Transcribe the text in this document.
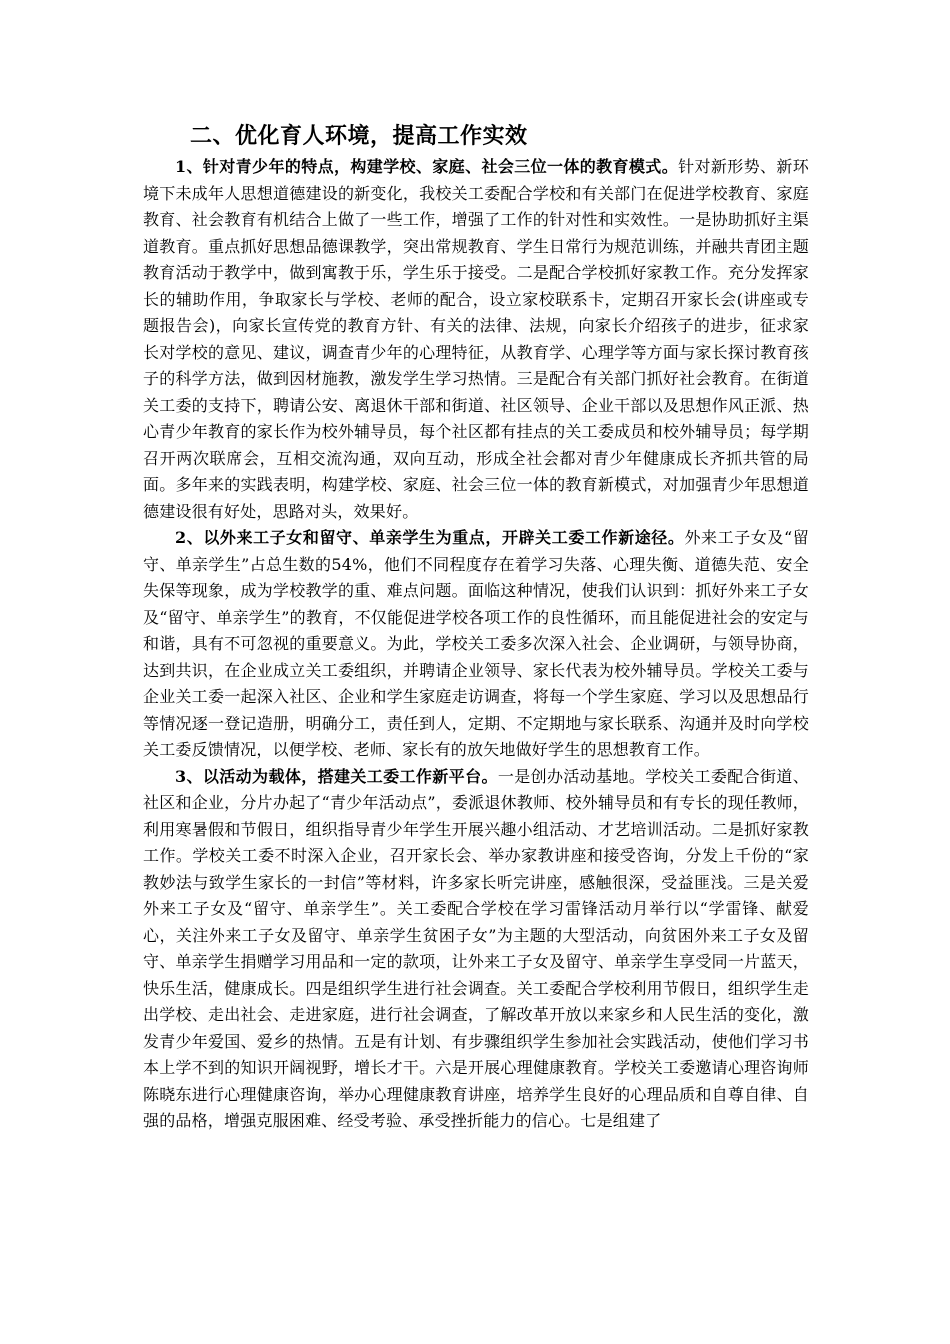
二、优化育人环境，提高工作实效

1、针对青少年的特点，构建学校、家庭、社会三位一体的教育模式。针对新形势、新环境下未成年人思想道德建设的新变化，我校关工委配合学校和有关部门在促进学校教育、家庭教育、社会教育有机结合上做了一些工作，增强了工作的针对性和实效性。一是协助抓好主渠道教育。重点抓好思想品德课教学，突出常规教育、学生日常行为规范训练，并融共青团主题教育活动于教学中，做到寓教于乐，学生乐于接受。二是配合学校抓好家教工作。充分发挥家长的辅助作用，争取家长与学校、老师的配合，设立家校联系卡，定期召开家长会(讲座或专题报告会)，向家长宣传党的教育方针、有关的法律、法规，向家长介绍孩子的进步，征求家长对学校的意见、建议，调查青少年的心理特征，从教育学、心理学等方面与家长探讨教育孩子的科学方法，做到因材施教，激发学生学习热情。三是配合有关部门抓好社会教育。在街道关工委的支持下，聘请公安、离退休干部和街道、社区领导、企业干部以及思想作风正派、热心青少年教育的家长作为校外辅导员，每个社区都有挂点的关工委成员和校外辅导员；每学期召开两次联席会，互相交流沟通，双向互动，形成全社会都对青少年健康成长齐抓共管的局面。多年来的实践表明，构建学校、家庭、社会三位一体的教育新模式，对加强青少年思想道德建设很有好处，思路对头，效果好。

2、以外来工子女和留守、单亲学生为重点，开辟关工委工作新途径。外来工子女及“留守、单亲学生”占总生数的54%，他们不同程度存在着学习失落、心理失衡、道德失范、安全失保等现象，成为学校教学的重、难点问题。面临这种情况，使我们认识到：抓好外来工子女及“留守、单亲学生”的教育，不仅能促进学校各项工作的良性循环，而且能促进社会的安定与和谐，具有不可忽视的重要意义。为此，学校关工委多次深入社会、企业调研，与领导协商，达到共识，在企业成立关工委组织，并聘请企业领导、家长代表为校外辅导员。学校关工委与企业关工委一起深入社区、企业和学生家庭走访调查，将每一个学生家庭、学习以及思想品行等情况逐一登记造册，明确分工，责任到人，定期、不定期地与家长联系、沟通并及时向学校关工委反馈情况，以便学校、老师、家长有的放矢地做好学生的思想教育工作。

3、以活动为载体，搭建关工委工作新平台。一是创办活动基地。学校关工委配合街道、社区和企业，分片办起了“青少年活动点”，委派退休教师、校外辅导员和有专长的现任教师，利用寒暑假和节假日，组织指导青少年学生开展兴趣小组活动、才艺培训活动。二是抓好家教工作。学校关工委不时深入企业，召开家长会、举办家教讲座和接受咨询，分发上千份的“家教妙法与致学生家长的一封信”等材料，许多家长听完讲座，感触很深，受益匪浅。三是关爱外来工子女及“留守、单亲学生”。关工委配合学校在学习雷锋活动月举行以“学雷锋、献爱心，关注外来工子女及留守、单亲学生贫困子女”为主题的大型活动，向贫困外来工子女及留守、单亲学生捐赠学习用品和一定的款项，让外来工子女及留守、单亲学生享受同一片蓝天，快乐生活，健康成长。四是组织学生进行社会调查。关工委配合学校利用节假日，组织学生走出学校、走出社会、走进家庭，进行社会调查，了解改革开放以来家乡和人民生活的变化，激发青少年爱国、爱乡的热情。五是有计划、有步骤组织学生参加社会实践活动，使他们学习书本上学不到的知识开阔视野，增长才干。六是开展心理健康教育。学校关工委邀请心理咨询师陈晓东进行心理健康咨询，举办心理健康教育讲座，培养学生良好的心理品质和自尊自律、自强的品格，增强克服困难、经受考验、承受挫折能力的信心。七是组建了
